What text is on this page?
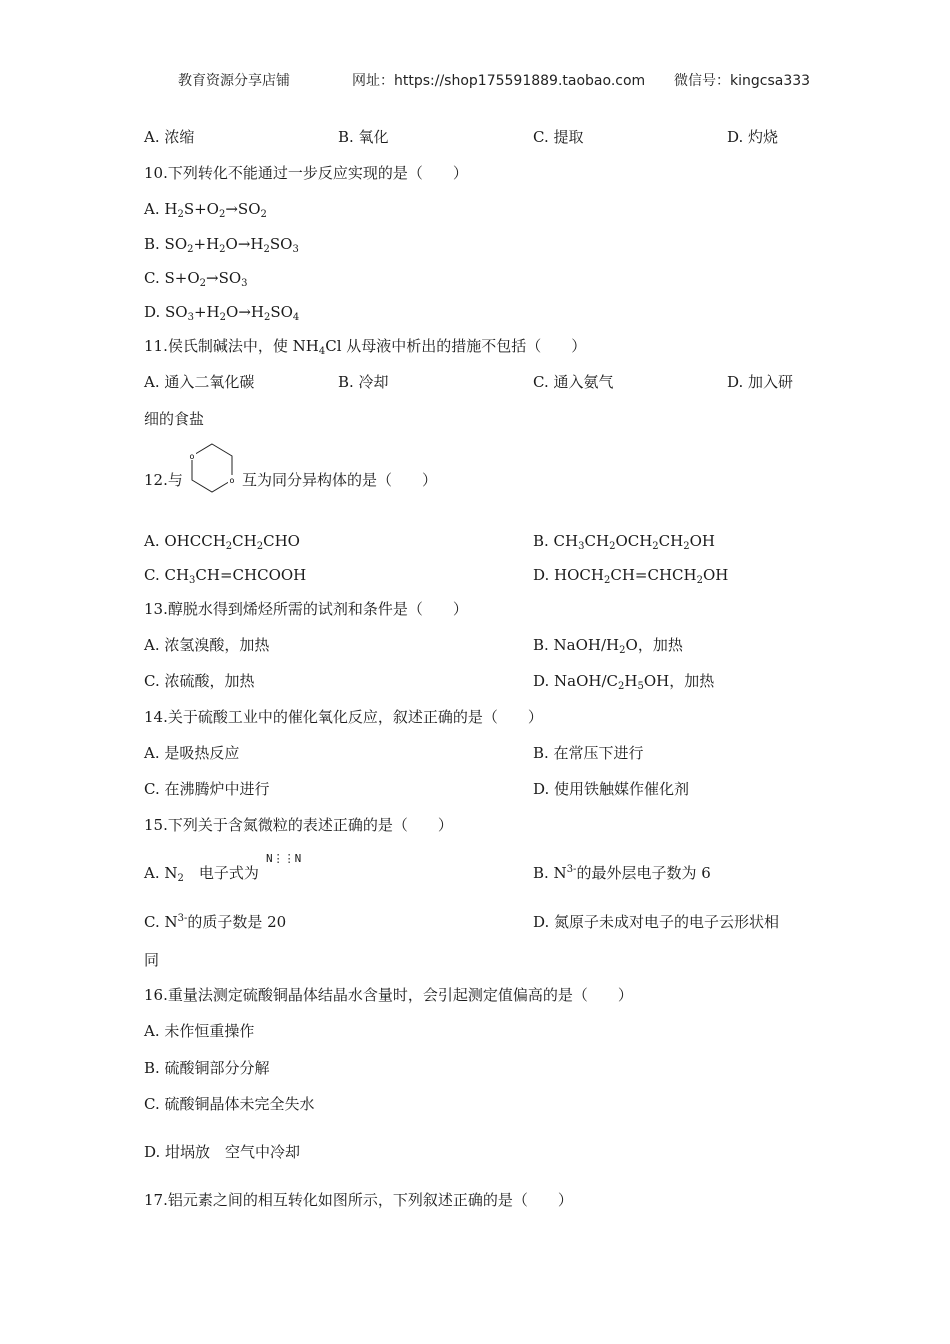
教育资源分享店铺	网址：https://shop175591889.taobao.com 微信号：kingcsa333
A. 浓缩	B. 氧化	C. 提取	D. 灼烧
10.下列转化不能通过一步反应实现的是（　　）
A. $H_2S+O_2\to SO_2$
B. $SO_2+H_2O\to H_2SO_3$
C. $S+O_2\to SO_3$
D. $SO_3+H_2O\to H_2SO_4$
11.侯氏制碱法中，使 $NH_4Cl$ 从母液中析出的措施不包括（　　）
A. 通入二氧化碳	B. 冷却	C. 通入氨气	D. 加入研
细的食盐
12.与
o
o 互为同分异构体的是（　　）
A. $OHCCH_2CH_2CHO$	B. $CH_3CH_2OCH_2CH_2OH$
C. $CH_3CH=CHCOOH$	D. $HOCH_2CH=CHCH_2OH$
13.醇脱水得到烯烃所需的试剂和条件是（　　）
A. 浓氢溴酸，加热	B. NaOH/$H_2O$，加热
C. 浓硫酸，加热	D. NaOH/$C_2H_5OH$，加热
14.关于硫酸工业中的催化氧化反应，叙述正确的是（　　）
A. 是吸热反应	B. 在常压下进行
C. 在沸腾炉中进行	D. 使用铁触媒作催化剂
15.下列关于含氮微粒的表述正确的是（　　）
A. $N_2$　电子式为
N⋮⋮N
B. $N^{3-}$的最外层电子数为 6
C. $N^{3-}$的质子数是 20	D. 氮原子未成对电子的电子云形状相
同
16.重量法测定硫酸铜晶体结晶水含量时，会引起测定值偏高的是（　　）
A. 未作恒重操作
B. 硫酸铜部分分解
C. 硫酸铜晶体未完全失水
D. 坩埚放　空气中冷却
17.铝元素之间的相互转化如图所示，下列叙述正确的是（　　）
